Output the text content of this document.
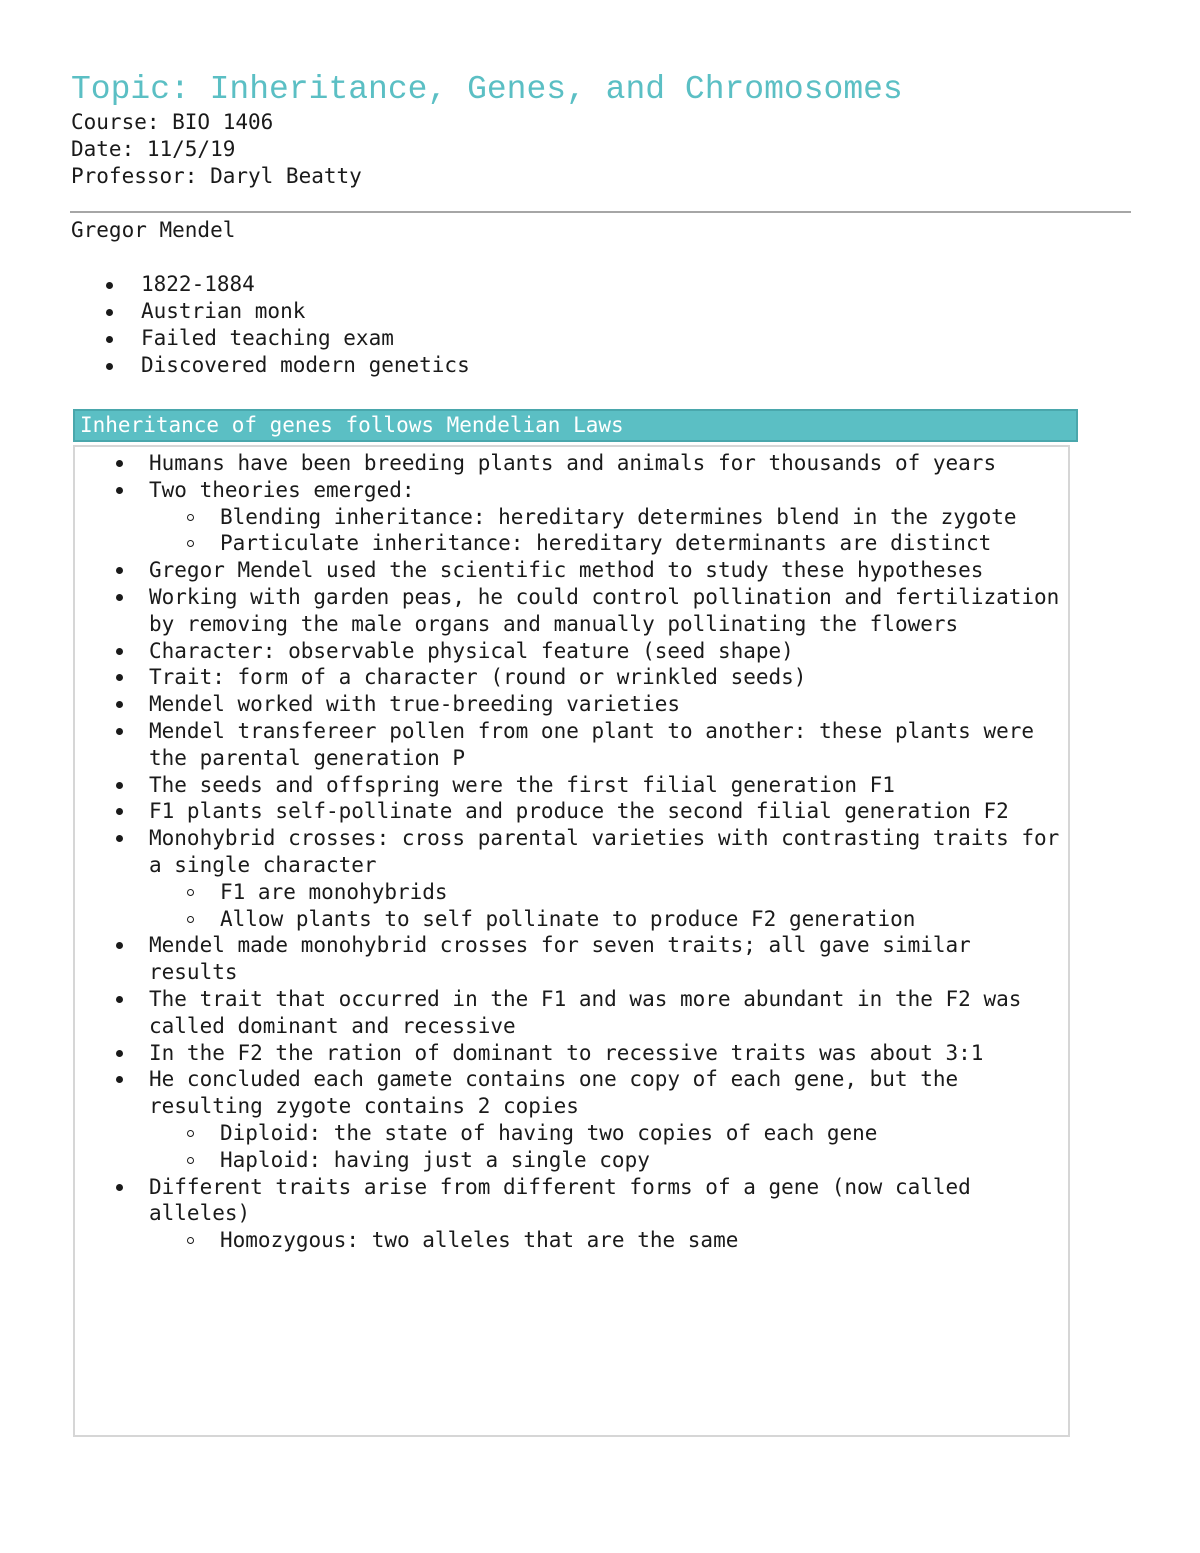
Topic: Inheritance, Genes, and Chromosomes
Course: BIO 1406
Date: 11/5/19
Professor: Daryl Beatty
Gregor Mendel
1822-1884
Austrian monk
Failed teaching exam
Discovered modern genetics
Inheritance of genes follows Mendelian Laws
Humans have been breeding plants and animals for thousands of years
Two theories emerged:
Blending inheritance: hereditary determines blend in the zygote
Particulate inheritance: hereditary determinants are distinct
Gregor Mendel used the scientific method to study these hypotheses
Working with garden peas, he could control pollination and fertilization by removing the male organs and manually pollinating the flowers
Character: observable physical feature (seed shape)
Trait: form of a character (round or wrinkled seeds)
Mendel worked with true-breeding varieties
Mendel transfereer pollen from one plant to another: these plants were the parental generation P
The seeds and offspring were the first filial generation F1
F1 plants self-pollinate and produce the second filial generation F2
Monohybrid crosses: cross parental varieties with contrasting traits for a single character
F1 are monohybrids
Allow plants to self pollinate to produce F2 generation
Mendel made monohybrid crosses for seven traits; all gave similar results
The trait that occurred in the F1 and was more abundant in the F2 was called dominant and recessive
In the F2 the ration of dominant to recessive traits was about 3:1
He concluded each gamete contains one copy of each gene, but the resulting zygote contains 2 copies
Diploid: the state of having two copies of each gene
Haploid: having just a single copy
Different traits arise from different forms of a gene (now called alleles)
Homozygous: two alleles that are the same
